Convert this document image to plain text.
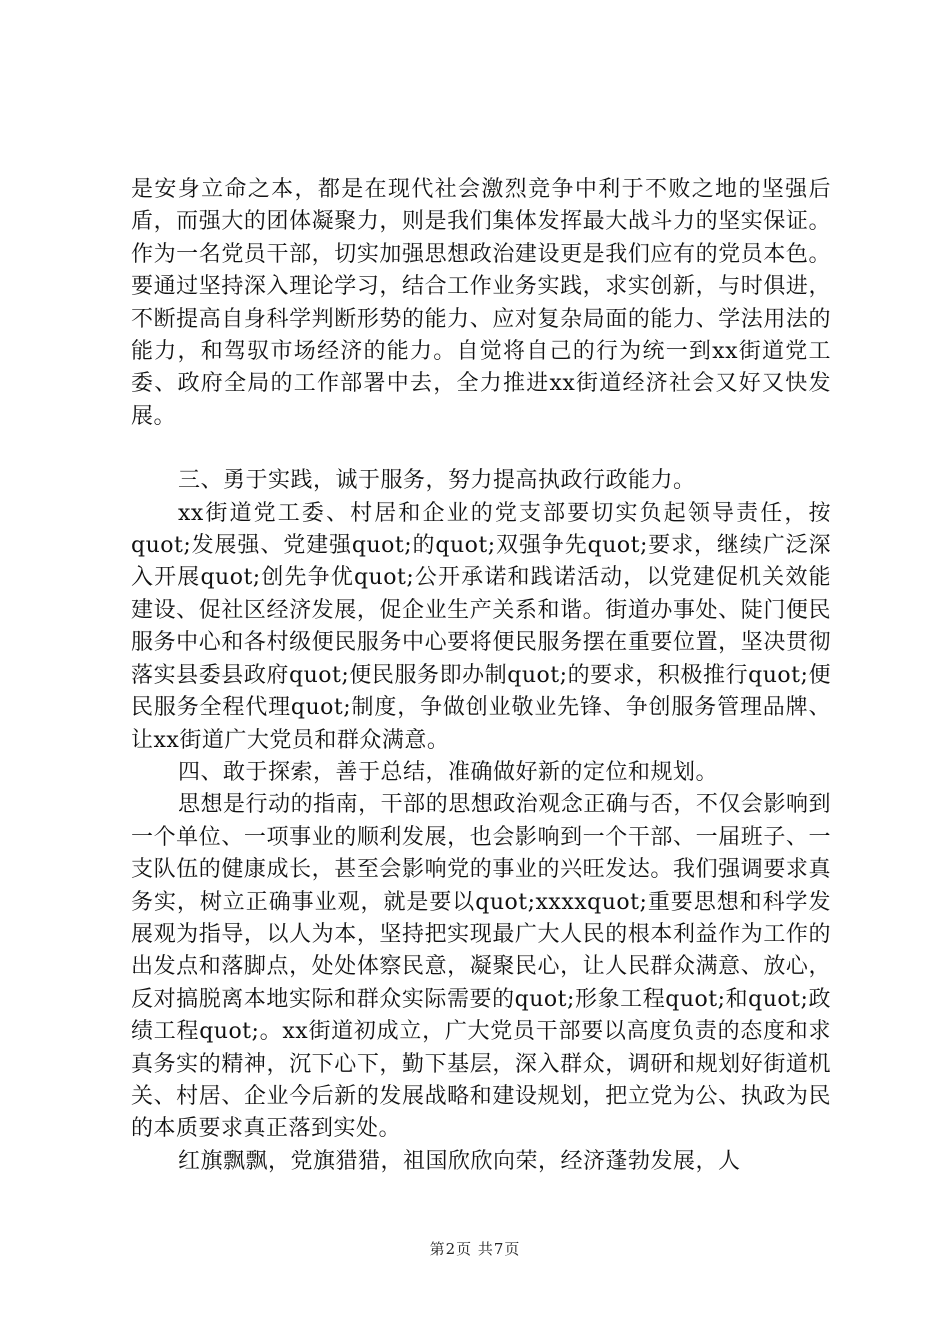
是安身立命之本，都是在现代社会激烈竞争中利于不败之地的坚强后盾，而强大的团体凝聚力，则是我们集体发挥最大战斗力的坚实保证。作为一名党员干部，切实加强思想政治建设更是我们应有的党员本色。要通过坚持深入理论学习，结合工作业务实践，求实创新，与时俱进，不断提高自身科学判断形势的能力、应对复杂局面的能力、学法用法的能力，和驾驭市场经济的能力。自觉将自己的行为统一到xx街道党工委、政府全局的工作部署中去，全力推进xx街道经济社会又好又快发展。

三、勇于实践，诚于服务，努力提高执政行政能力。

xx街道党工委、村居和企业的党支部要切实负起领导责任，按quot;发展强、党建强quot;的quot;双强争先quot;要求，继续广泛深入开展quot;创先争优quot;公开承诺和践诺活动，以党建促机关效能建设、促社区经济发展，促企业生产关系和谐。街道办事处、陡门便民服务中心和各村级便民服务中心要将便民服务摆在重要位置，坚决贯彻落实县委县政府quot;便民服务即办制quot;的要求，积极推行quot;便民服务全程代理quot;制度，争做创业敬业先锋、争创服务管理品牌、让xx街道广大党员和群众满意。

四、敢于探索，善于总结，准确做好新的定位和规划。

思想是行动的指南，干部的思想政治观念正确与否，不仅会影响到一个单位、一项事业的顺利发展，也会影响到一个干部、一届班子、一支队伍的健康成长，甚至会影响党的事业的兴旺发达。我们强调要求真务实，树立正确事业观，就是要以quot;xxxxquot;重要思想和科学发展观为指导，以人为本，坚持把实现最广大人民的根本利益作为工作的出发点和落脚点，处处体察民意，凝聚民心，让人民群众满意、放心，反对搞脱离本地实际和群众实际需要的quot;形象工程quot;和quot;政绩工程quot;。xx街道初成立，广大党员干部要以高度负责的态度和求真务实的精神，沉下心下，勤下基层，深入群众，调研和规划好街道机关、村居、企业今后新的发展战略和建设规划，把立党为公、执政为民的本质要求真正落到实处。

红旗飘飘，党旗猎猎，祖国欣欣向荣，经济蓬勃发展，人

第2页 共7页
